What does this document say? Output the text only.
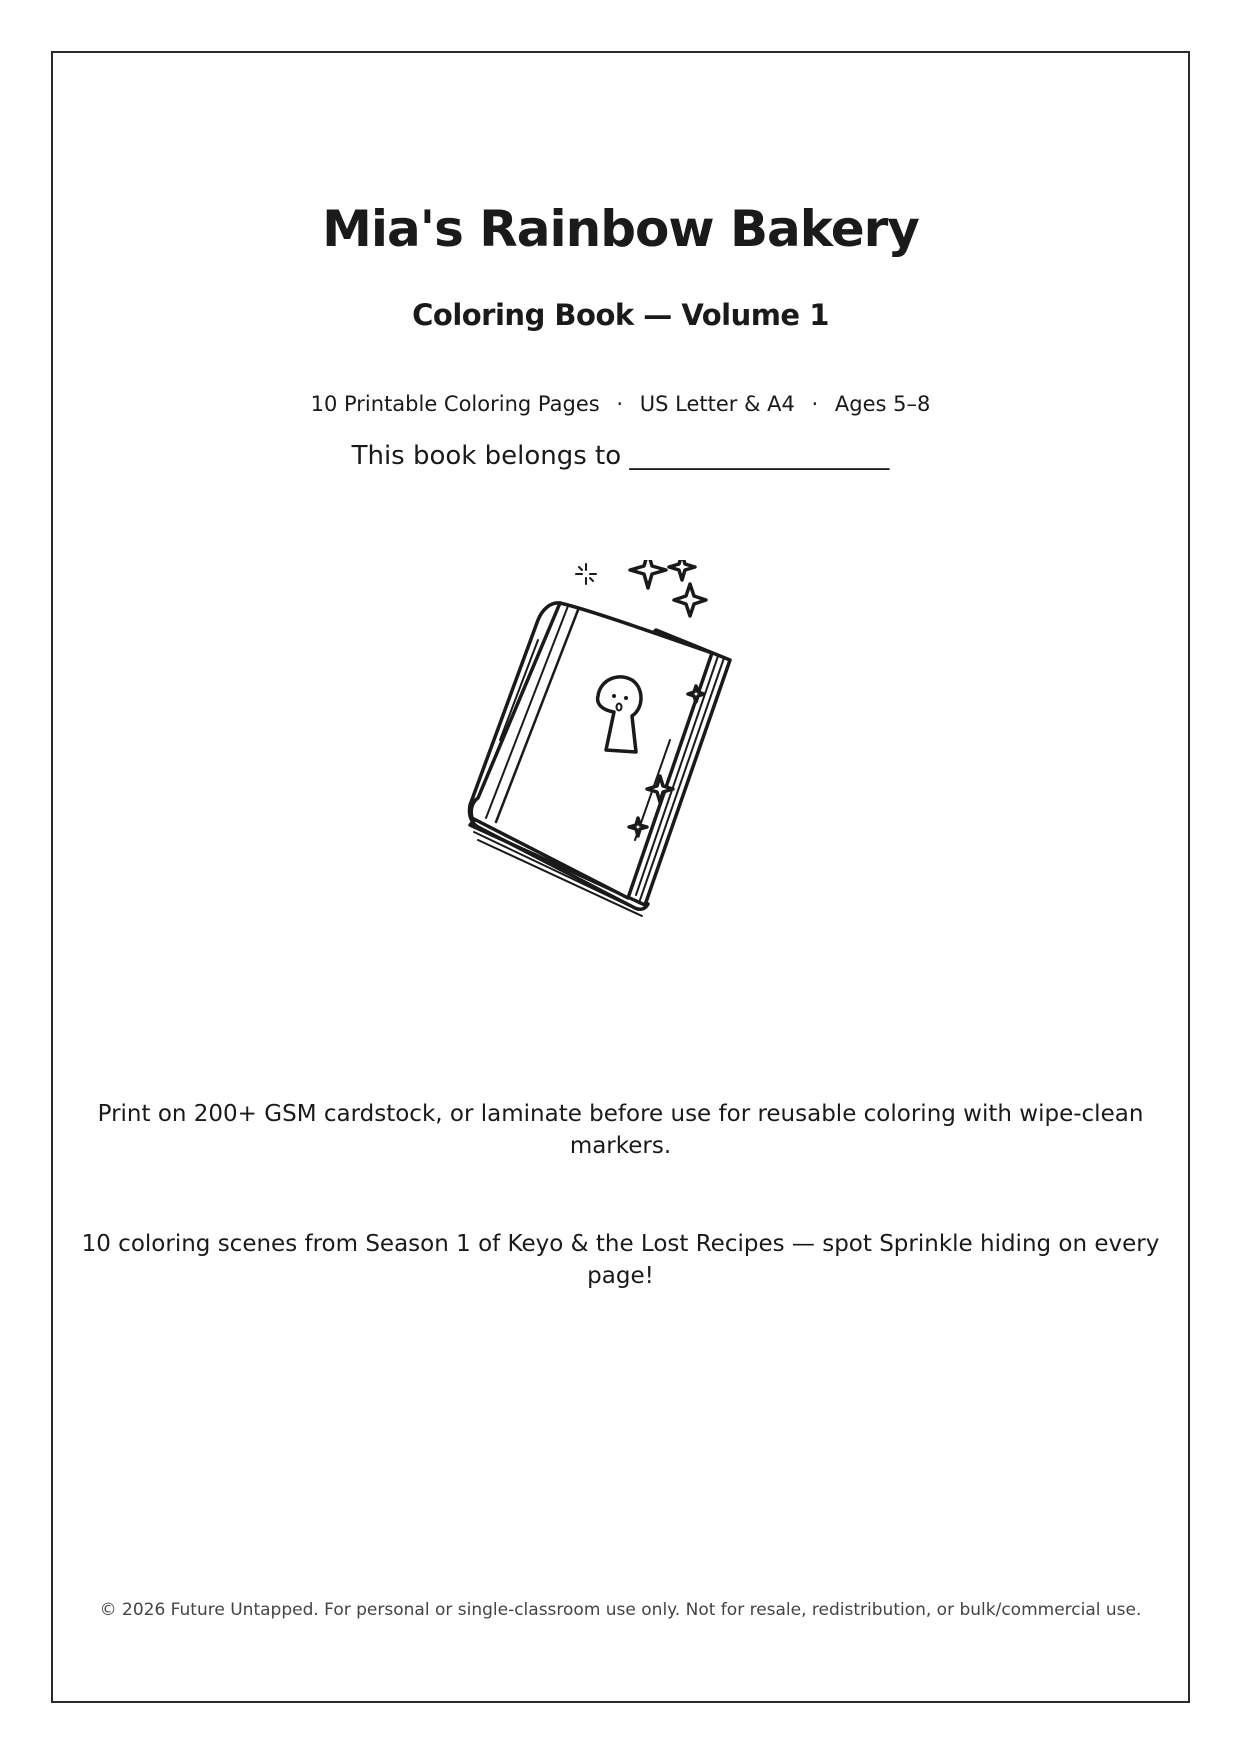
Mia's Rainbow Bakery
Coloring Book — Volume 1
10 Printable Coloring Pages · US Letter & A4 · Ages 5–8
This book belongs to ____________________
Print on 200+ GSM cardstock, or laminate before use for reusable coloring with wipe-clean markers.
10 coloring scenes from Season 1 of Keyo & the Lost Recipes — spot Sprinkle hiding on every page!
© 2026 Future Untapped. For personal or single-classroom use only. Not for resale, redistribution, or bulk/commercial use.
